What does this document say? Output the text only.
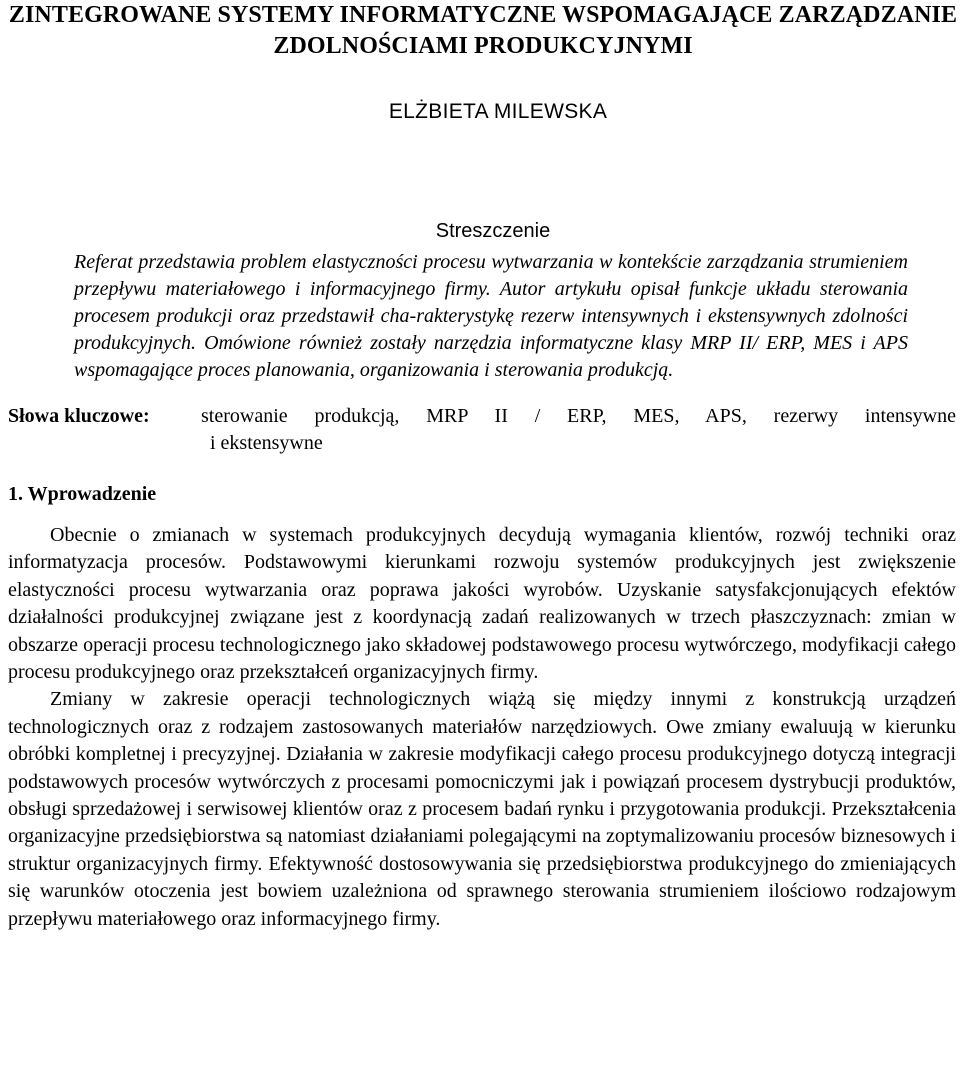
ZINTEGROWANE SYSTEMY INFORMATYCZNE WSPOMAGAJĄCE ZARZĄDZANIE
ZDOLNOŚCIAMI PRODUKCYJNYMI
ELŻBIETA MILEWSKA
Streszczenie
Referat przedstawia problem elastyczności procesu wytwarzania w kontekście zarządzania strumieniem przepływu materiałowego i informacyjnego firmy. Autor artykułu opisał funkcje układu sterowania procesem produkcji oraz przedstawił cha-rakterystykę rezerw intensywnych i ekstensywnych zdolności produkcyjnych. Omówione również zostały narzędzia informatyczne klasy MRP II/ ERP, MES i APS wspomagające proces planowania, organizowania i sterowania produkcją.
Słowa kluczowe:	sterowanie produkcją, MRP II / ERP, MES, APS, rezerwy intensywne
i ekstensywne
1. Wprowadzenie

Obecnie o zmianach w systemach produkcyjnych decydują wymagania klientów, rozwój techniki oraz informatyzacja procesów. Podstawowymi kierunkami rozwoju systemów produkcyjnych jest zwiększenie elastyczności procesu wytwarzania oraz poprawa jakości wyrobów. Uzyskanie satysfakcjonujących efektów działalności produkcyjnej związane jest z koordynacją zadań realizowanych w trzech płaszczyznach: zmian w obszarze operacji procesu technologicznego jako składowej podstawowego procesu wytwórczego, modyfikacji całego procesu produkcyjnego oraz przekształceń organizacyjnych firmy.

Zmiany w zakresie operacji technologicznych wiążą się między innymi z konstrukcją urządzeń technologicznych oraz z rodzajem zastosowanych materiałów narzędziowych. Owe zmiany ewaluują w kierunku obróbki kompletnej i precyzyjnej. Działania w zakresie modyfikacji całego procesu produkcyjnego dotyczą integracji podstawowych procesów wytwórczych z procesami pomocniczymi jak i powiązań procesem dystrybucji produktów, obsługi sprzedażowej i serwisowej klientów oraz z procesem badań rynku i przygotowania produkcji. Przekształcenia organizacyjne przedsiębiorstwa są natomiast działaniami polegającymi na zoptymalizowaniu procesów biznesowych i struktur organizacyjnych firmy. Efektywność dostosowywania się przedsiębiorstwa produkcyjnego do zmieniających się warunków otoczenia jest bowiem uzależniona od sprawnego sterowania strumieniem ilościowo rodzajowym przepływu materiałowego oraz informacyjnego firmy.
